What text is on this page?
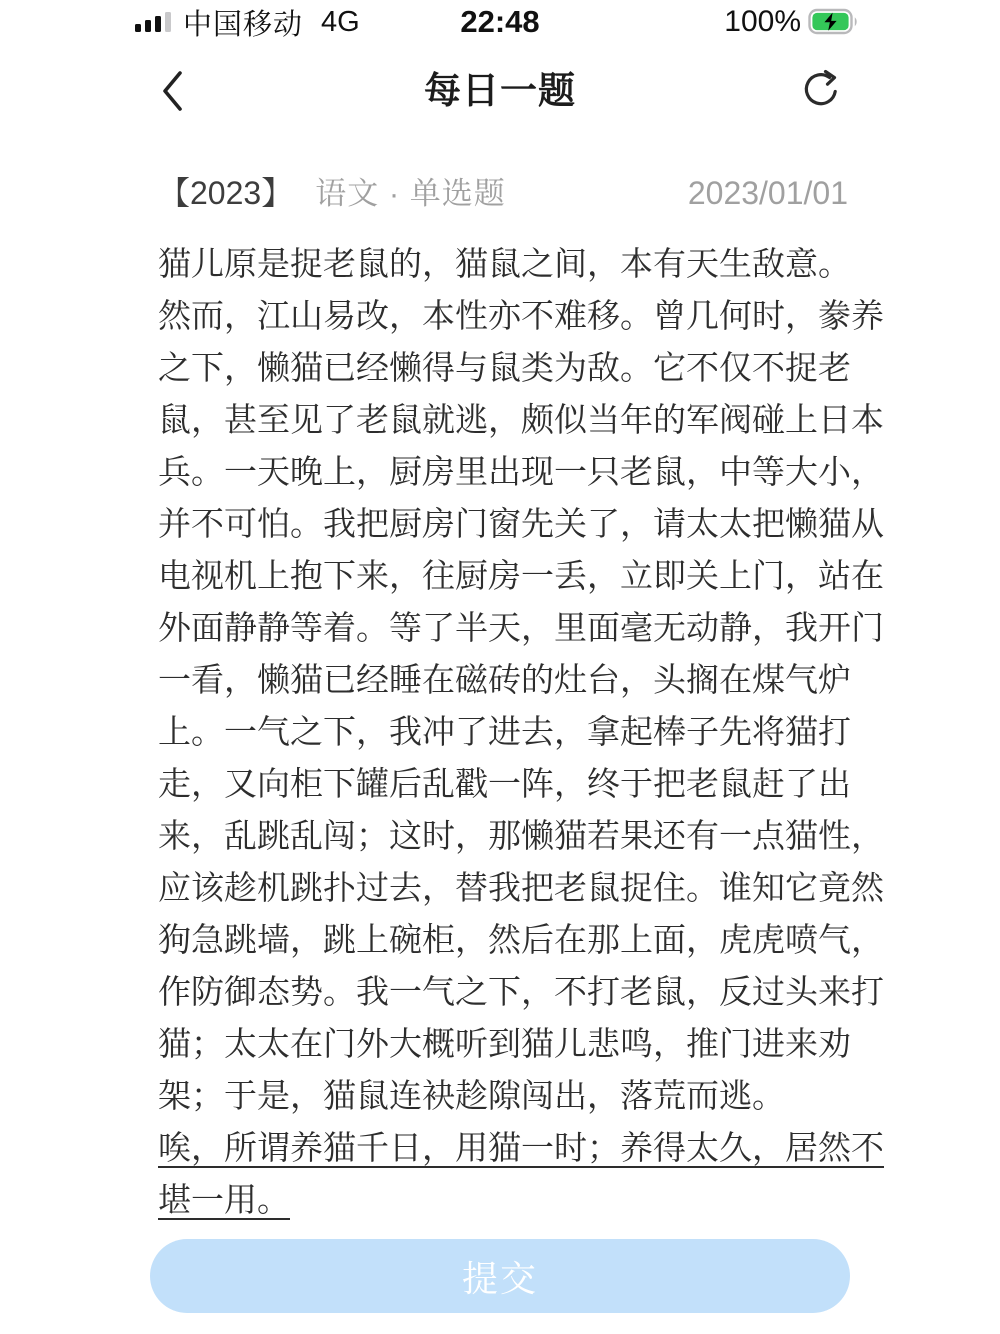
中国移动 4G	22:48	100%
每日一题
【2023】 语文 · 单选题	2023/01/01
猫儿原是捉老鼠的，猫鼠之间，本有天生敌意。
然而，江山易改，本性亦不难移。曾几何时，豢养
之下，懒猫已经懒得与鼠类为敌。它不仅不捉老
鼠，甚至见了老鼠就逃，颇似当年的军阀碰上日本
兵。一天晚上，厨房里出现一只老鼠，中等大小，
并不可怕。我把厨房门窗先关了，请太太把懒猫从
电视机上抱下来，往厨房一丢，立即关上门，站在
外面静静等着。等了半天，里面毫无动静，我开门
一看，懒猫已经睡在磁砖的灶台，头搁在煤气炉
上。一气之下，我冲了进去，拿起棒子先将猫打
走，又向柜下罐后乱戳一阵，终于把老鼠赶了出
来，乱跳乱闯；这时，那懒猫若果还有一点猫性，
应该趁机跳扑过去，替我把老鼠捉住。谁知它竟然
狗急跳墙，跳上碗柜，然后在那上面，虎虎喷气，
作防御态势。我一气之下，不打老鼠，反过头来打
猫；太太在门外大概听到猫儿悲鸣，推门进来劝
架；于是，猫鼠连袂趁隙闯出，落荒而逃。
唉，所谓养猫千日，用猫一时；养得太久，居然不
堪一用。
提交
